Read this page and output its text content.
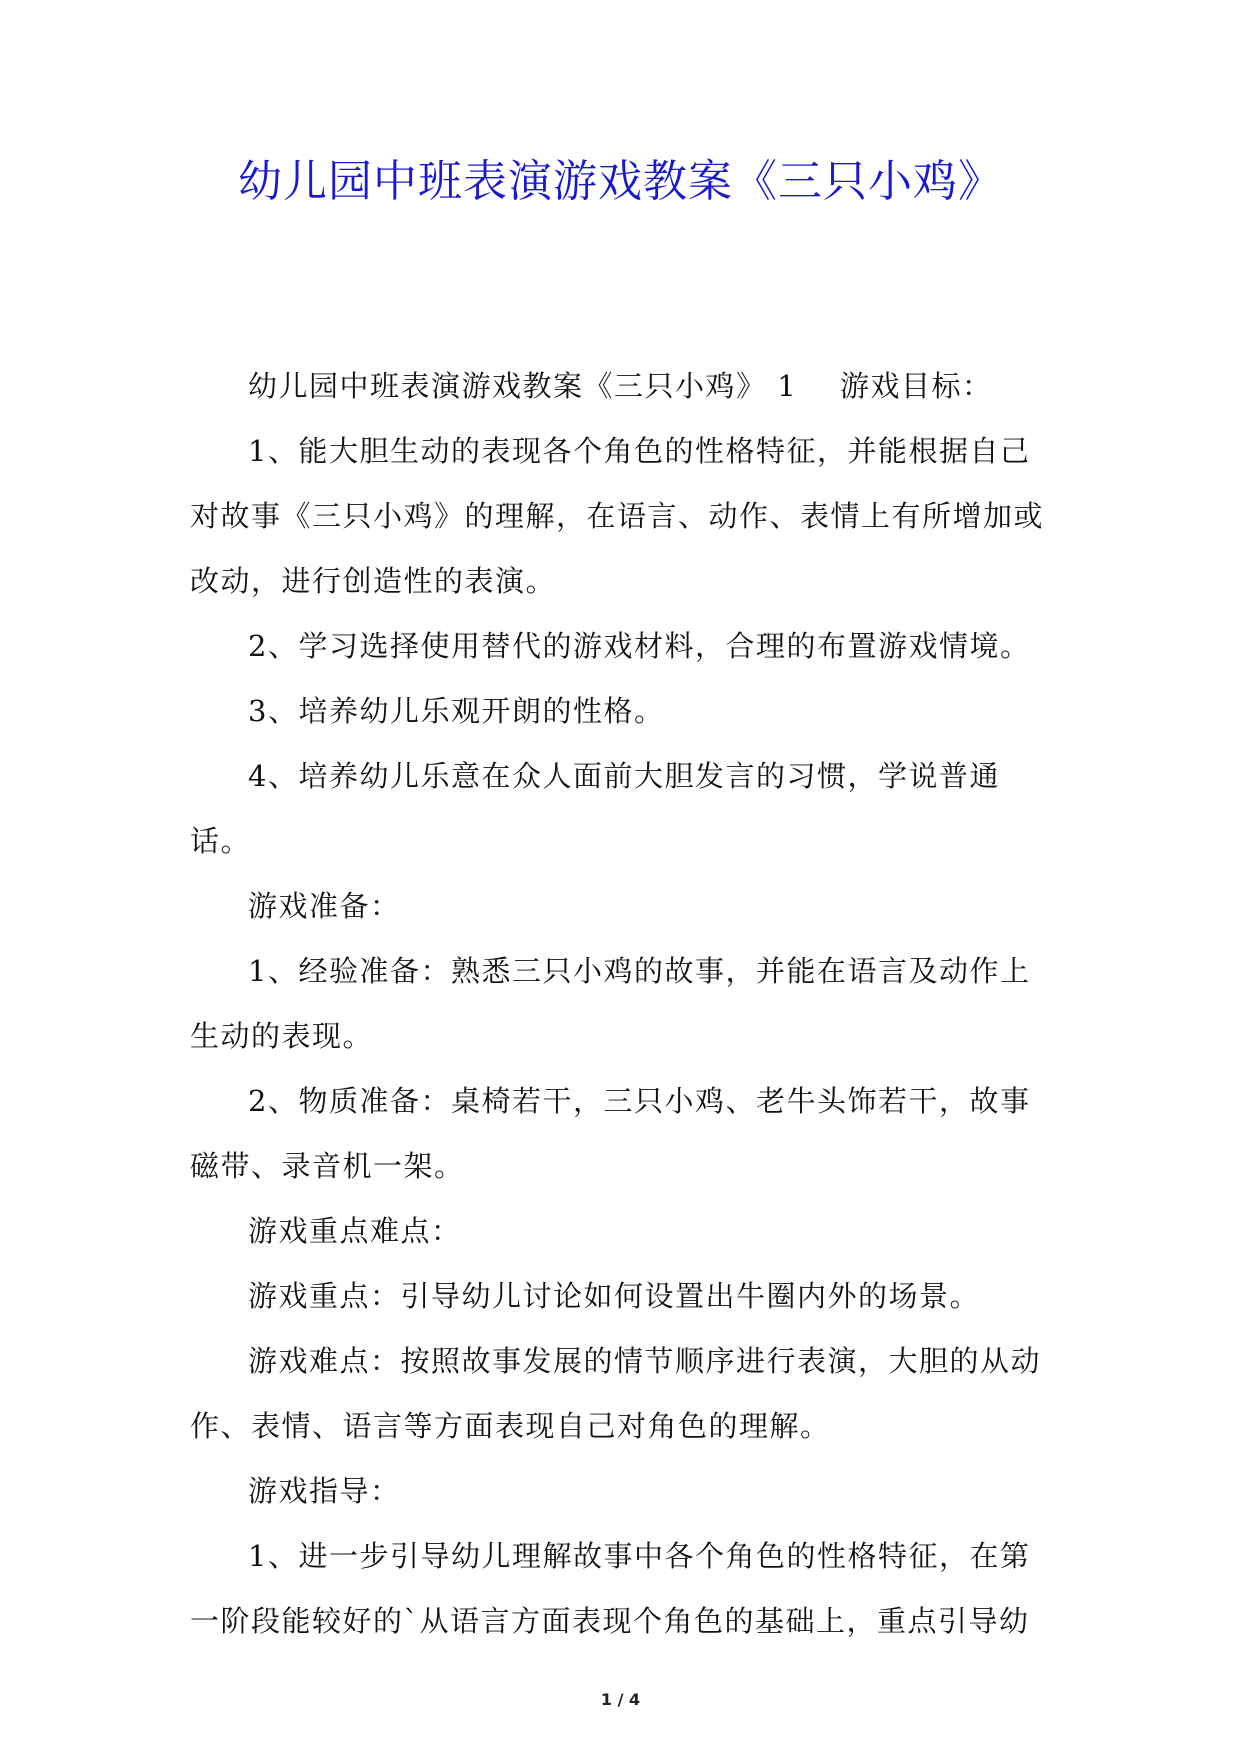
幼儿园中班表演游戏教案《三只小鸡》

幼儿园中班表演游戏教案《三只小鸡》 1    游戏目标：

1、能大胆生动的表现各个角色的性格特征，并能根据自己对故事《三只小鸡》的理解，在语言、动作、表情上有所增加或改动，进行创造性的表演。

2、学习选择使用替代的游戏材料，合理的布置游戏情境。

3、培养幼儿乐观开朗的性格。

4、培养幼儿乐意在众人面前大胆发言的习惯，学说普通话。

游戏准备：

1、经验准备：熟悉三只小鸡的故事，并能在语言及动作上生动的表现。

2、物质准备：桌椅若干，三只小鸡、老牛头饰若干，故事磁带、录音机一架。

游戏重点难点：

游戏重点：引导幼儿讨论如何设置出牛圈内外的场景。

游戏难点：按照故事发展的情节顺序进行表演，大胆的从动作、表情、语言等方面表现自己对角色的理解。

游戏指导：

1、进一步引导幼儿理解故事中各个角色的性格特征，在第一阶段能较好的`从语言方面表现个角色的基础上，重点引导幼

1 / 4
